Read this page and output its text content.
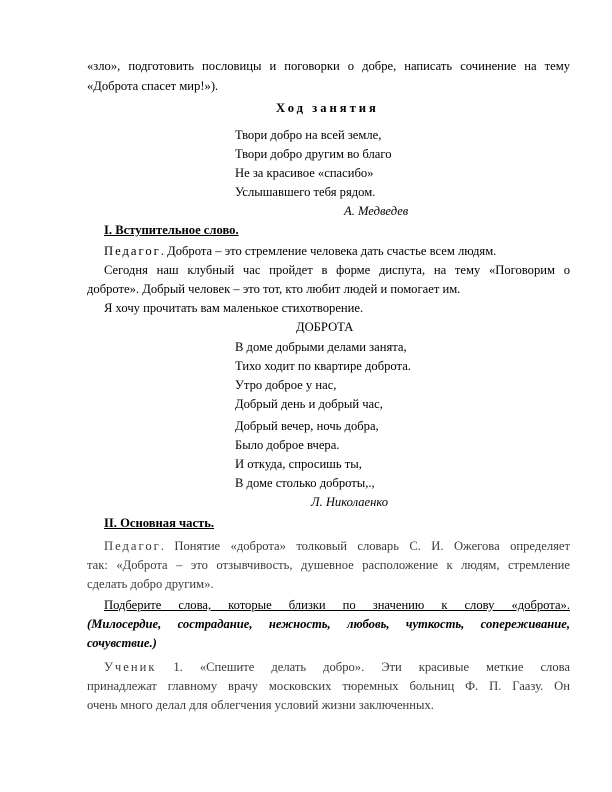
«зло», подготовить пословицы и поговорки о добре, написать сочинение на тему
«Доброта спасет мир!»).
Ход занятия
Твори добро на всей земле,
Твори добро другим во благо
Не за красивое «спасибо»
Услышавшего тебя рядом.
А. Медведев
I. Вступительное слово.
Педагог. Доброта – это стремление человека дать счастье всем людям.
Сегодня наш клубный час пройдет в форме диспута, на тему «Поговорим о
доброте». Добрый человек – это тот, кто любит людей и помогает им.
Я хочу прочитать вам маленькое стихотворение.
ДОБРОТА
В доме добрыми делами занята,
Тихо ходит по квартире доброта.
Утро доброе у нас,
Добрый день и добрый час,
Добрый вечер, ночь добра,
Было доброе вчера.
И откуда, спросишь ты,
В доме столько доброты,.,
Л. Николаенко
II. Основная часть.
Педагог. Понятие «доброта» толковый словарь С. И. Ожегова определяет
так: «Доброта – это отзывчивость, душевное расположение к людям, стремление
сделать добро другим».
Подберите слова, которые близки по значению к слову «доброта».
(Милосердие, сострадание, нежность, любовь, чуткость, сопереживание,
сочувствие.)
Ученик 1. «Спешите делать добро». Эти красивые меткие слова
принадлежат главному врачу московских тюремных больниц Ф. П. Гаазу. Он
очень много делал для облегчения условий жизни заключенных.
